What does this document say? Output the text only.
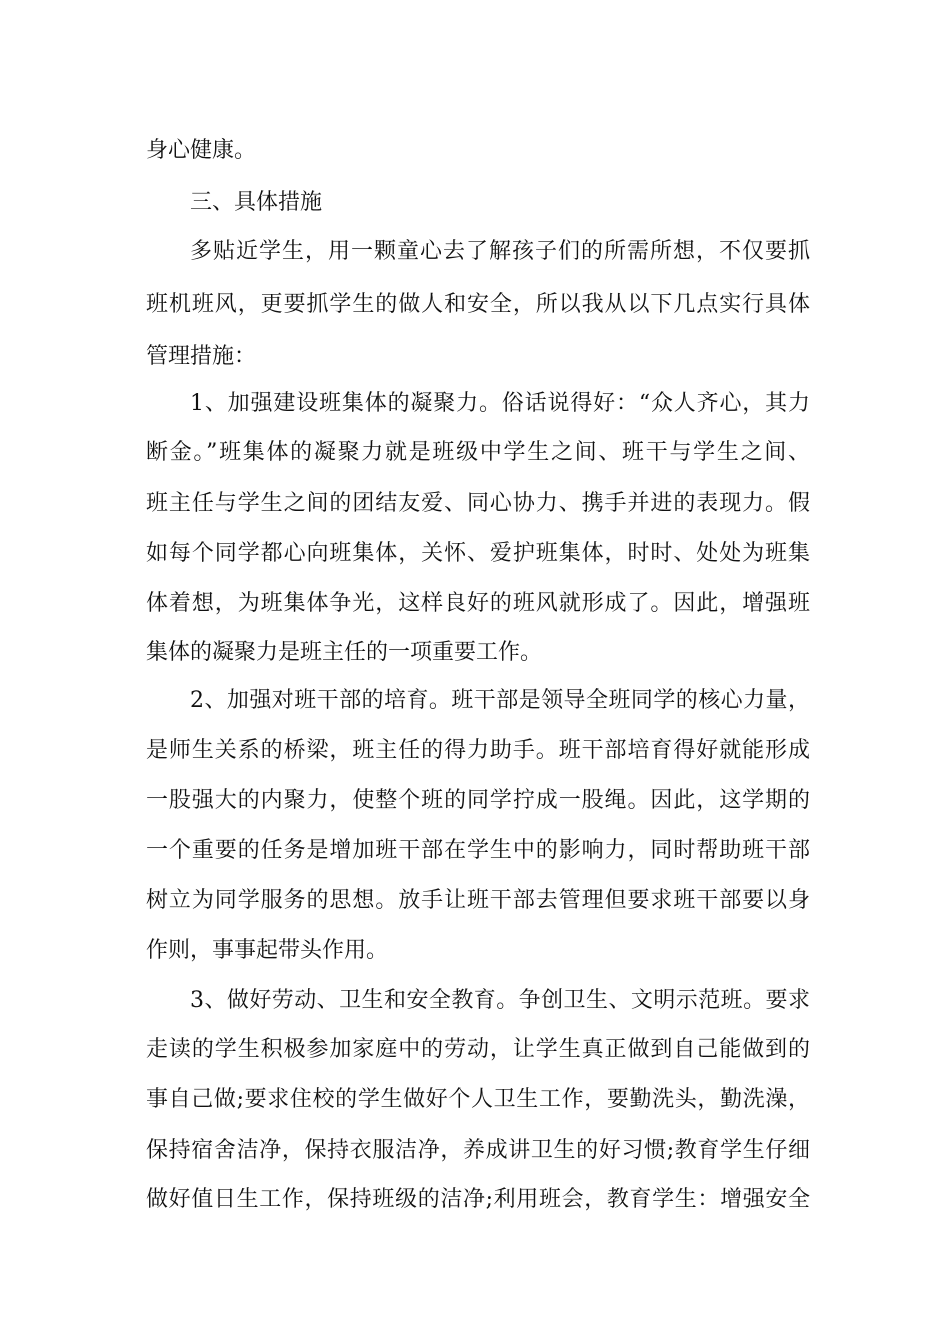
身心健康。
三、具体措施
多贴近学生，用一颗童心去了解孩子们的所需所想，不仅要抓
班机班风，更要抓学生的做人和安全，所以我从以下几点实行具体
管理措施：
1、加强建设班集体的凝聚力。俗话说得好：“众人齐心，其力
断金。”班集体的凝聚力就是班级中学生之间、班干与学生之间、
班主任与学生之间的团结友爱、同心协力、携手并进的表现力。假
如每个同学都心向班集体，关怀、爱护班集体，时时、处处为班集
体着想，为班集体争光，这样良好的班风就形成了。因此，增强班
集体的凝聚力是班主任的一项重要工作。
2、加强对班干部的培育。班干部是领导全班同学的核心力量，
是师生关系的桥梁，班主任的得力助手。班干部培育得好就能形成
一股强大的内聚力，使整个班的同学拧成一股绳。因此，这学期的
一个重要的任务是增加班干部在学生中的影响力，同时帮助班干部
树立为同学服务的思想。放手让班干部去管理但要求班干部要以身
作则，事事起带头作用。
3、做好劳动、卫生和安全教育。争创卫生、文明示范班。要求
走读的学生积极参加家庭中的劳动，让学生真正做到自己能做到的
事自己做;要求住校的学生做好个人卫生工作，要勤洗头，勤洗澡，
保持宿舍洁净，保持衣服洁净，养成讲卫生的好习惯;教育学生仔细
做好值日生工作，保持班级的洁净;利用班会，教育学生：增强安全
